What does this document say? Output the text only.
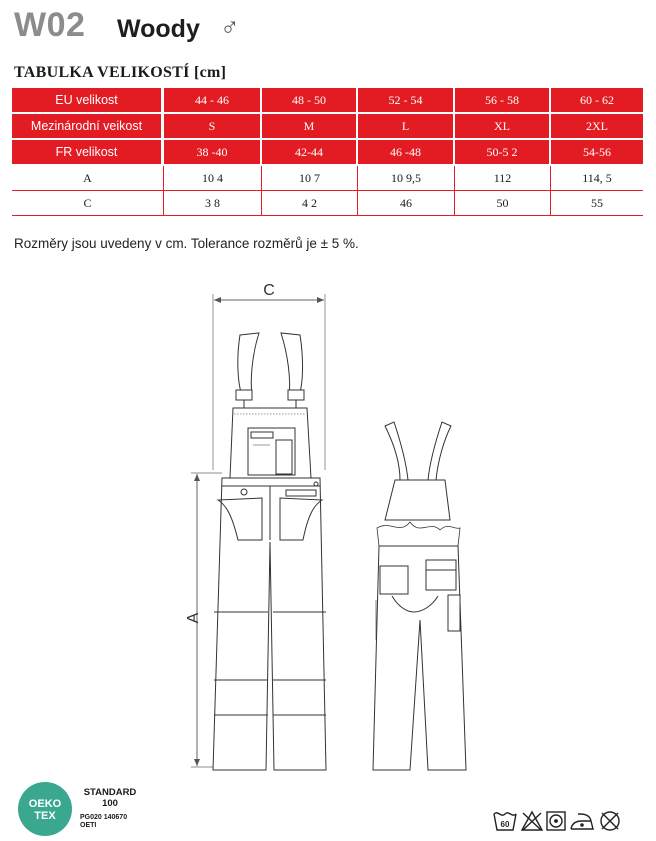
W02 Woody ♂
TABULKA VELIKOSTÍ [cm]
EU velikost	44 - 46	48 - 50	52 - 54	56 - 58	60 - 62
Mezinárodní veikost	S	M	L	XL	2XL
FR velikost	38 -40	42-44	46 -48	50-5 2	54-56
A	10 4	10 7	10 9,5	112	114, 5
C	3 8	4 2	46	50	55
Rozměry jsou uvedeny v cm. Tolerance rozměrů je ± 5 %.
C
A
OEKO
TEX
STANDARD
100
PG020 140670
OETI	60
